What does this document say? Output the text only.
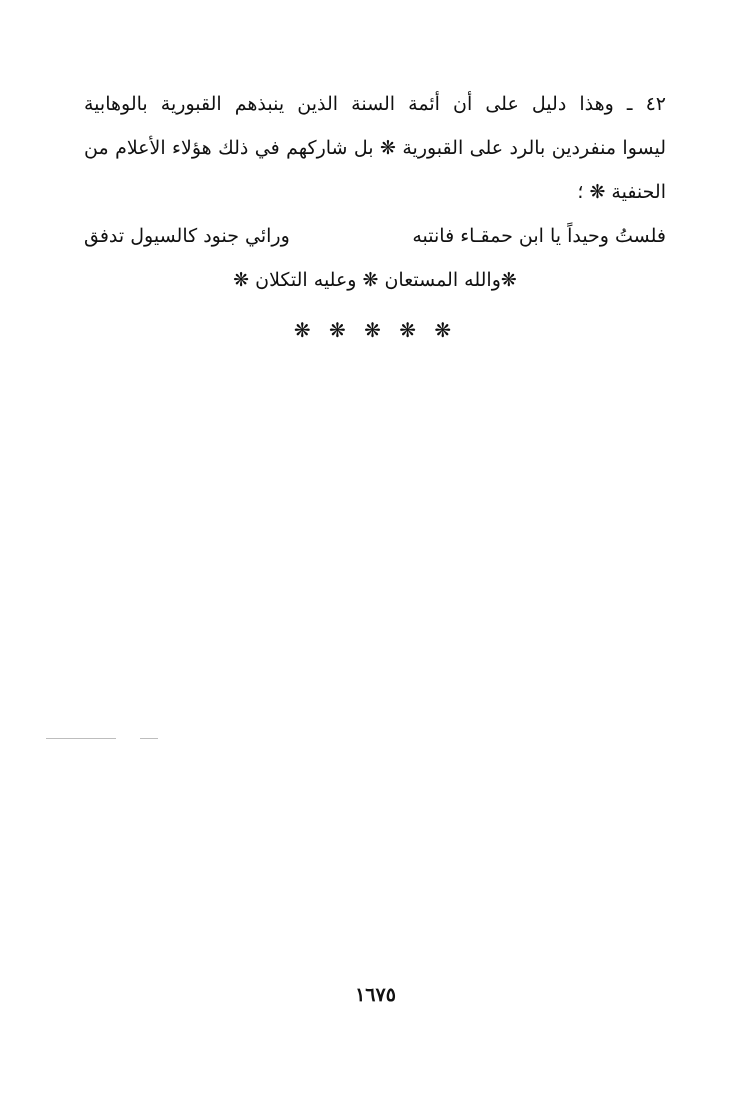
٤٢ ـ وهذا دليل على أن أئمة السنة الذين ينبذهم القبورية بالوهابية
ليسوا منفردين بالرد على القبورية ❋ بل شاركهم في ذلك هؤلاء الأعلام من
الحنفية ❋ ؛
فلستُ وحيداً يا ابن حمقـاء فانتبه
ورائي جنود كالسيول تدفق
❋والله المستعان ❋ وعليه التكلان ❋
❋ ❋ ❋ ❋ ❋
١٦٧٥
